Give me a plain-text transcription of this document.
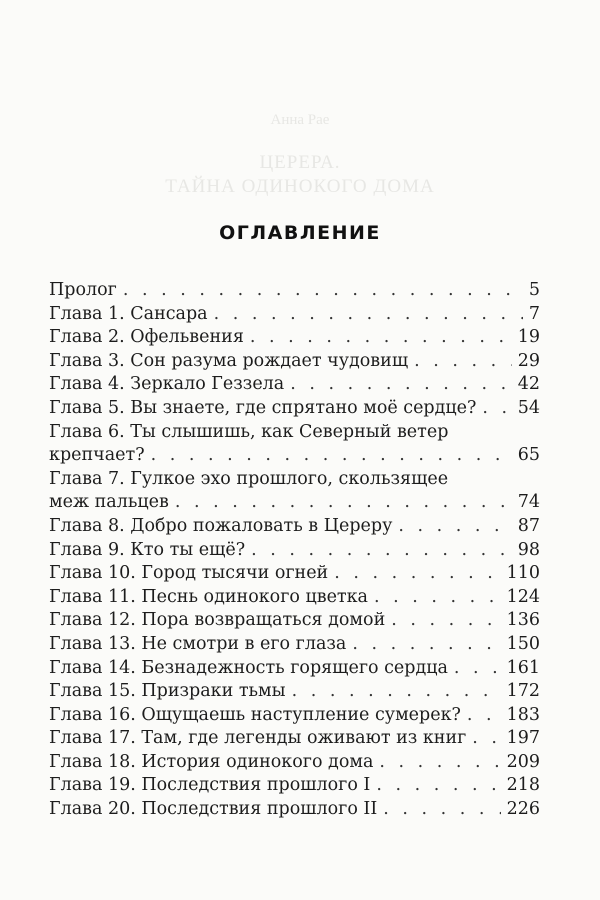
Анна Рае
ЦЕРЕРА.
ТАЙНА ОДИНОКОГО ДОМА
ОГЛАВЛЕНИЕ
Пролог . . .	5
Глава 1. Сансара . . .	7
Глава 2. Офельвения . . .	19
Глава 3. Сон разума рождает чудовищ . . .	29
Глава 4. Зеркало Геззела . . .	42
Глава 5. Вы знаете, где спрятано моё сердце? . . . 54
Глава 6. Ты слышишь, как Северный ветер
крепчает? . . .	65
Глава 7. Гулкое эхо прошлого, скользящее
меж пальцев . . .	74
Глава 8. Добро пожаловать в Цереру . . .	87
Глава 9. Кто ты ещё? . . .	98
Глава 10. Город тысячи огней . . .	110
Глава 11. Песнь одинокого цветка . . .	124
Глава 12. Пора возвращаться домой . . .	136
Глава 13. Не смотри в его глаза . . .	150
Глава 14. Безнадежность горящего сердца . . .	161
Глава 15. Призраки тьмы . . .	172
Глава 16. Ощущаешь наступление сумерек? . . .	183
Глава 17. Там, где легенды оживают из книг . . . 197
Глава 18. История одинокого дома . . .	209
Глава 19. Последствия прошлого I . . .	218
Глава 20. Последствия прошлого II . . .	226
